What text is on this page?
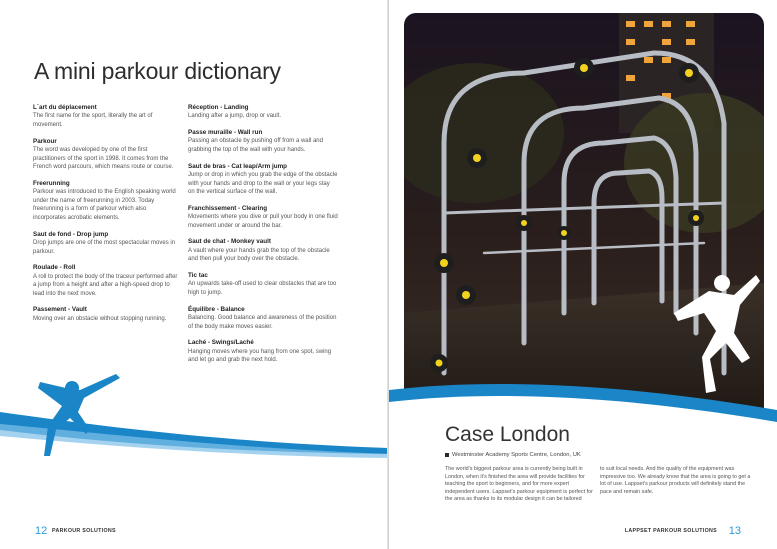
A mini parkour dictionary
L´art du déplacement
The first name for the sport, literally the art of movement.
Parkour
The word was developed by one of the first practitioners of the sport in 1998. It comes from the French word parcours, which means route or course.
Freerunning
Parkour was introduced to the English speaking world under the name of freerunning in 2003. Today freerunning is a form of parkour which also incorporates acrobatic elements.
Saut de fond - Drop jump
Drop jumps are one of the most spectacular moves in parkour.
Roulade - Roll
A roll to protect the body of the traceur performed after a jump from a height and after a high-speed drop to lead into the next move.
Passement - Vault
Moving over an obstacle without stopping running.
Réception - Landing
Landing after a jump, drop or vault.
Passe muraille - Wall run
Passing an obstacle by pushing off from a wall and grabbing the top of the wall with your hands.
Saut de bras - Cat leap/Arm jump
Jump or drop in which you grab the edge of the obstacle with your hands and drop to the wall or your legs stay on the vertical surface of the wall.
Franchissement - Clearing
Movements where you dive or pull your body in one fluid movement under or around the bar.
Saut de chat - Monkey vault
A vault where your hands grab the top of the obstacle and then pull your body over the obstacle.
Tic tac
An upwards take-off used to clear obstacles that are too high to jump.
Équilibre - Balance
Balancing. Good balance and awareness of the position of the body make moves easier.
Laché - Swings/Laché
Hanging moves where you hang from one spot, swing and let go and grab the next hold.
12 PARKOUR SOLUTIONS
Case London
Westminster Academy Sports Centre, London, UK
The world's biggest parkour area is currently being built in London, when it's finished the area will provide facilities for teaching the sport to beginners, and for more expert independent users. Lappset's parkour equipment is perfect for the area as thanks to its modular design it can be tailored
to suit local needs. And the quality of the equipment was impressive too. We already know that the area is going to get a lot of use. Lappset's parkour products will definitely stand the pace and remain safe.
LAPPSET PARKOUR SOLUTIONS 13
